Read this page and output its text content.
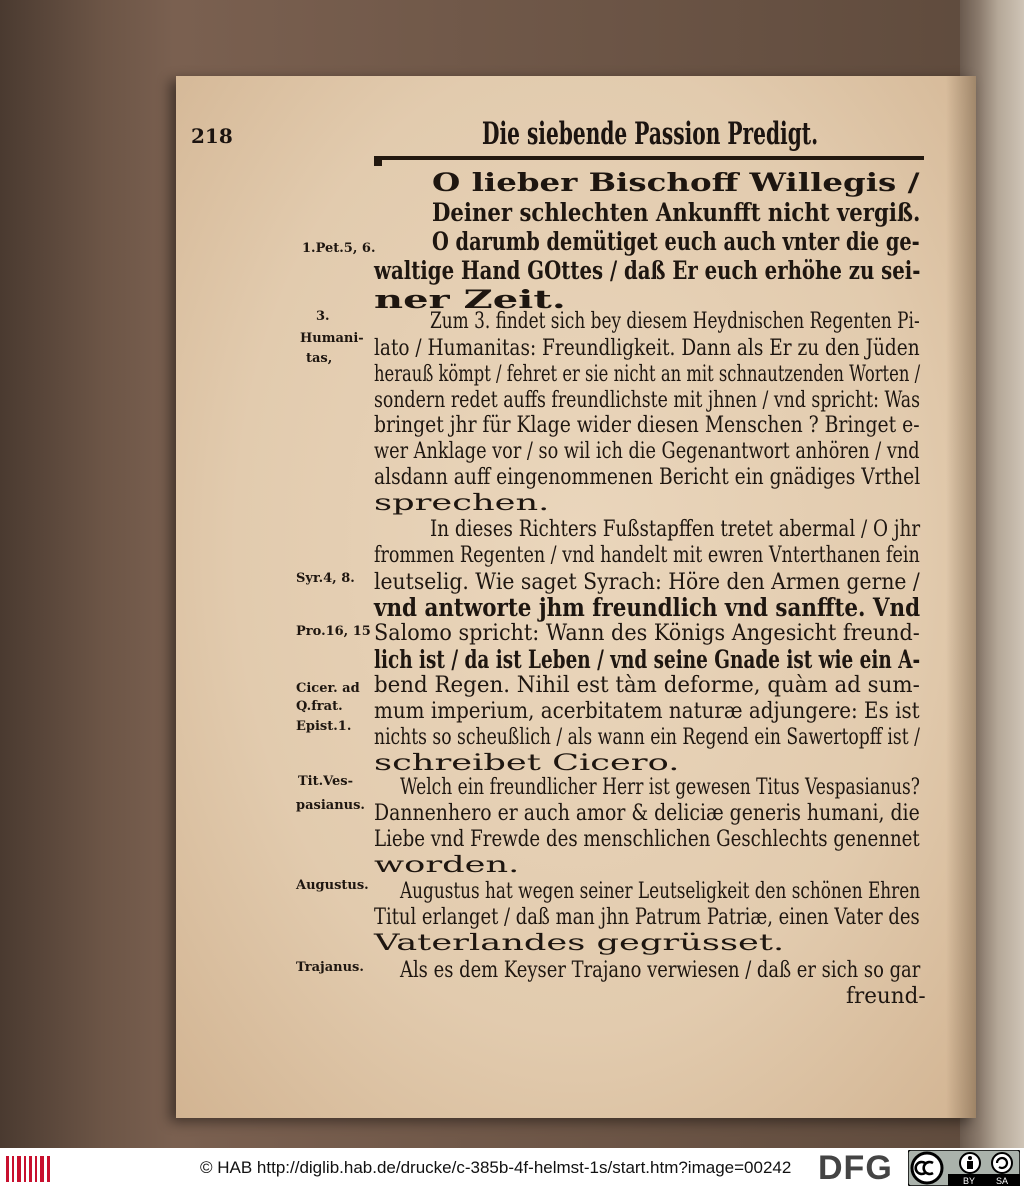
218	Die siebende Passion Predigt.
O lieber Bischoff Willegis /
Deiner schlechten Ankunfft nicht vergiß.
O darumb demütiget euch auch vnter die ge-
waltige Hand GOttes / daß Er euch erhöhe zu sei-
ner Zeit.
Zum 3. findet sich bey diesem Heydnischen Regenten Pi-
lato / Humanitas: Freundligkeit. Dann als Er zu den Jüden
herauß kömpt / fehret er sie nicht an mit schnautzenden Worten /
sondern redet auffs freundlichste mit jhnen / vnd spricht: Was
bringet jhr für Klage wider diesen Menschen ? Bringet e-
wer Anklage vor / so wil ich die Gegenantwort anhören / vnd
alsdann auff eingenommenen Bericht ein gnädiges Vrthel
sprechen.
In dieses Richters Fußstapffen tretet abermal / O jhr
frommen Regenten / vnd handelt mit ewren Vnterthanen fein
leutselig. Wie saget Syrach: Höre den Armen gerne /
vnd antworte jhm freundlich vnd sanffte. Vnd
Salomo spricht: Wann des Königs Angesicht freund-
lich ist / da ist Leben / vnd seine Gnade ist wie ein A-
bend Regen. Nihil est tàm deforme, quàm ad sum-
mum imperium, acerbitatem naturæ adjungere: Es ist
nichts so scheußlich / als wann ein Regend ein Sawertopff ist /
schreibet Cicero.
Welch ein freundlicher Herr ist gewesen Titus Vespasianus?
Dannenhero er auch amor & deliciæ generis humani, die
Liebe vnd Frewde des menschlichen Geschlechts genennet
worden.
Augustus hat wegen seiner Leutseligkeit den schönen Ehren
Titul erlanget / daß man jhn Patrum Patriæ, einen Vater des
Vaterlandes gegrüsset.
Als es dem Keyser Trajano verwiesen / daß er sich so gar
freund-
1.Pet.5, 6.
3.
Humani-
tas,
Syr.4, 8.
Pro.16, 15
Cicer. ad
Q.frat.
Epist.1.
Tit.Ves-
pasianus.
Augustus.
Trajanus.
© HAB http://diglib.hab.de/drucke/c-385b-4f-helmst-1s/start.htm?image=00242 DFG	BY SA
